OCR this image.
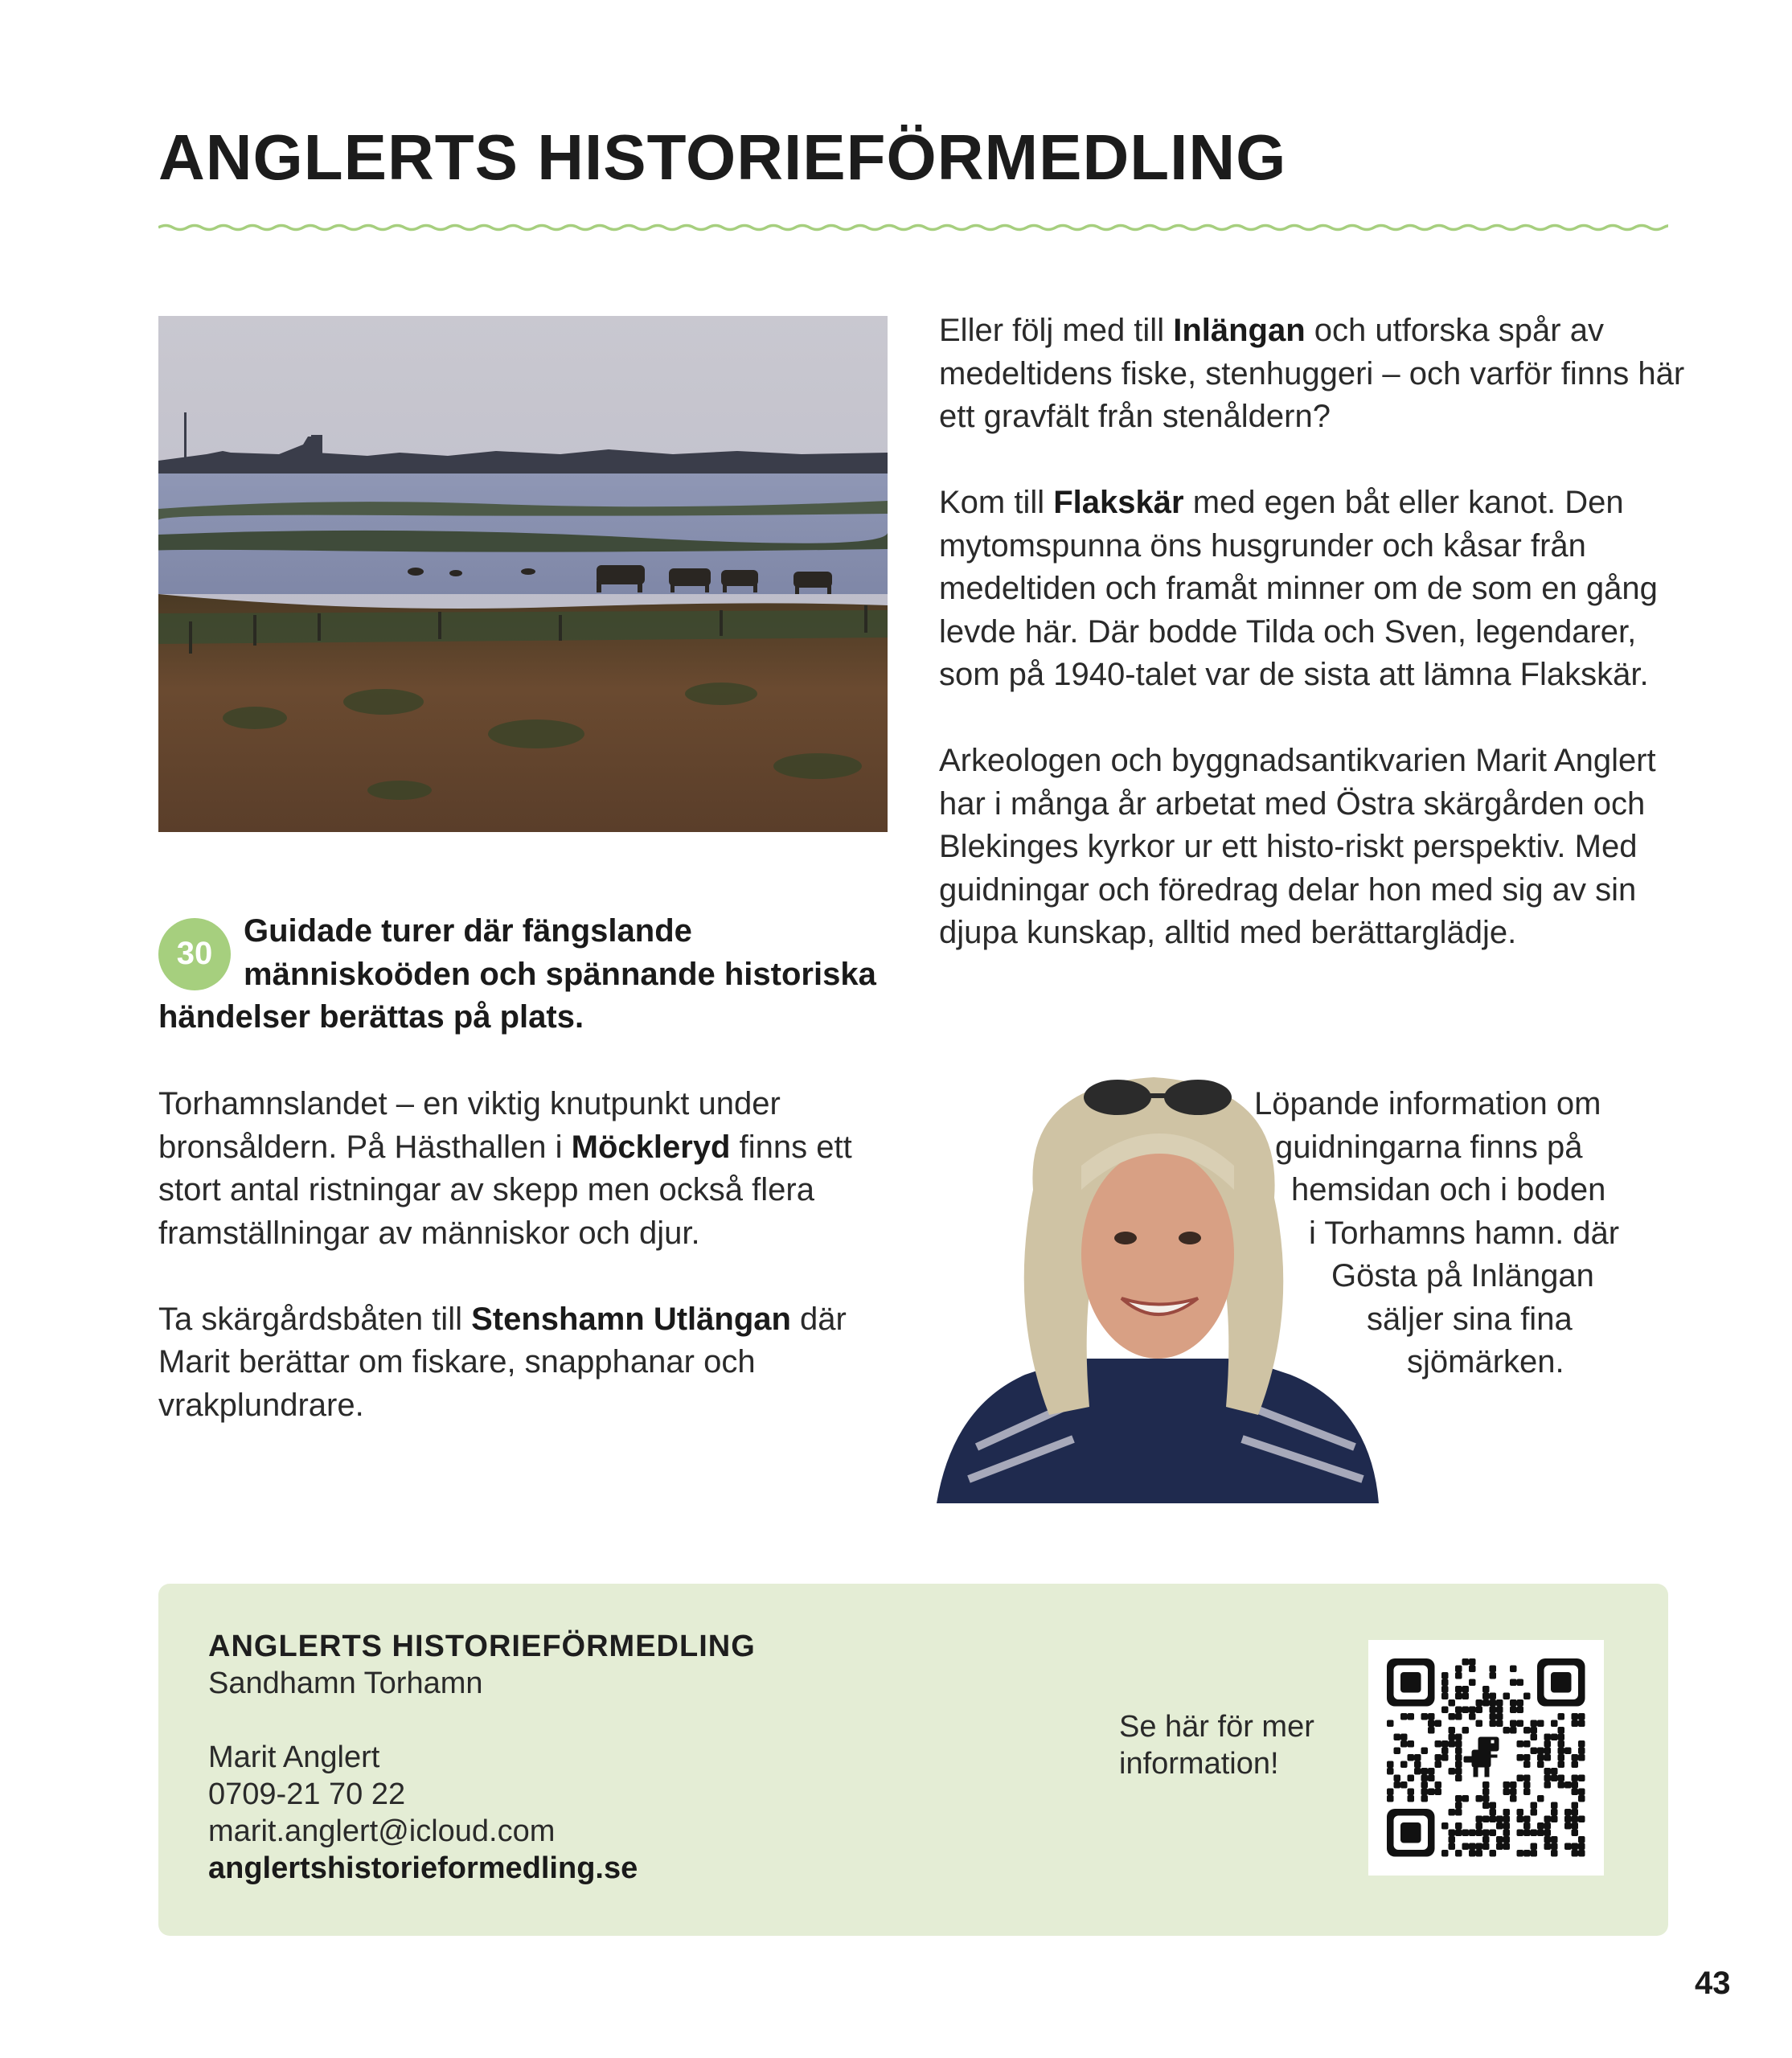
ANGLERTS HISTORIEFÖRMEDLING
30
Guidade turer där fängslande människoöden och spännande historiska händelser berättas på plats.

Torhamnslandet – en viktig knutpunkt under bronsåldern. På Hästhallen i Möckleryd finns ett stort antal ristningar av skepp men också flera framställningar av människor och djur.

Ta skärgårdsbåten till Stenshamn Utlängan där Marit berättar om fiskare, snapphanar och vrakplundrare.

Eller följ med till Inlängan och utforska spår av medeltidens fiske, stenhuggeri – och varför finns här ett gravfält från stenåldern?

Kom till Flakskär med egen båt eller kanot. Den mytomspunna öns husgrunder och kåsar från medeltiden och framåt minner om de som en gång levde här. Där bodde Tilda och Sven, legendarer, som på 1940-talet var de sista att lämna Flakskär.

Arkeologen och byggnadsantikvarien Marit Anglert har i många år arbetat med Östra skärgården och Blekinges kyrkor ur ett histo-riskt perspektiv. Med guidningar och föredrag delar hon med sig av sin djupa kunskap, alltid med berättarglädje.

Löpande information om
guidningarna finns på
hemsidan och i boden
i Torhamns hamn. där
Gösta på Inlängan
säljer sina fina
sjömärken.
ANGLERTS HISTORIEFÖRMEDLING
Sandhamn Torhamn
Marit Anglert
0709-21 70 22
marit.anglert@icloud.com
anglertshistorieformedling.se
Se här för mer information!
43
